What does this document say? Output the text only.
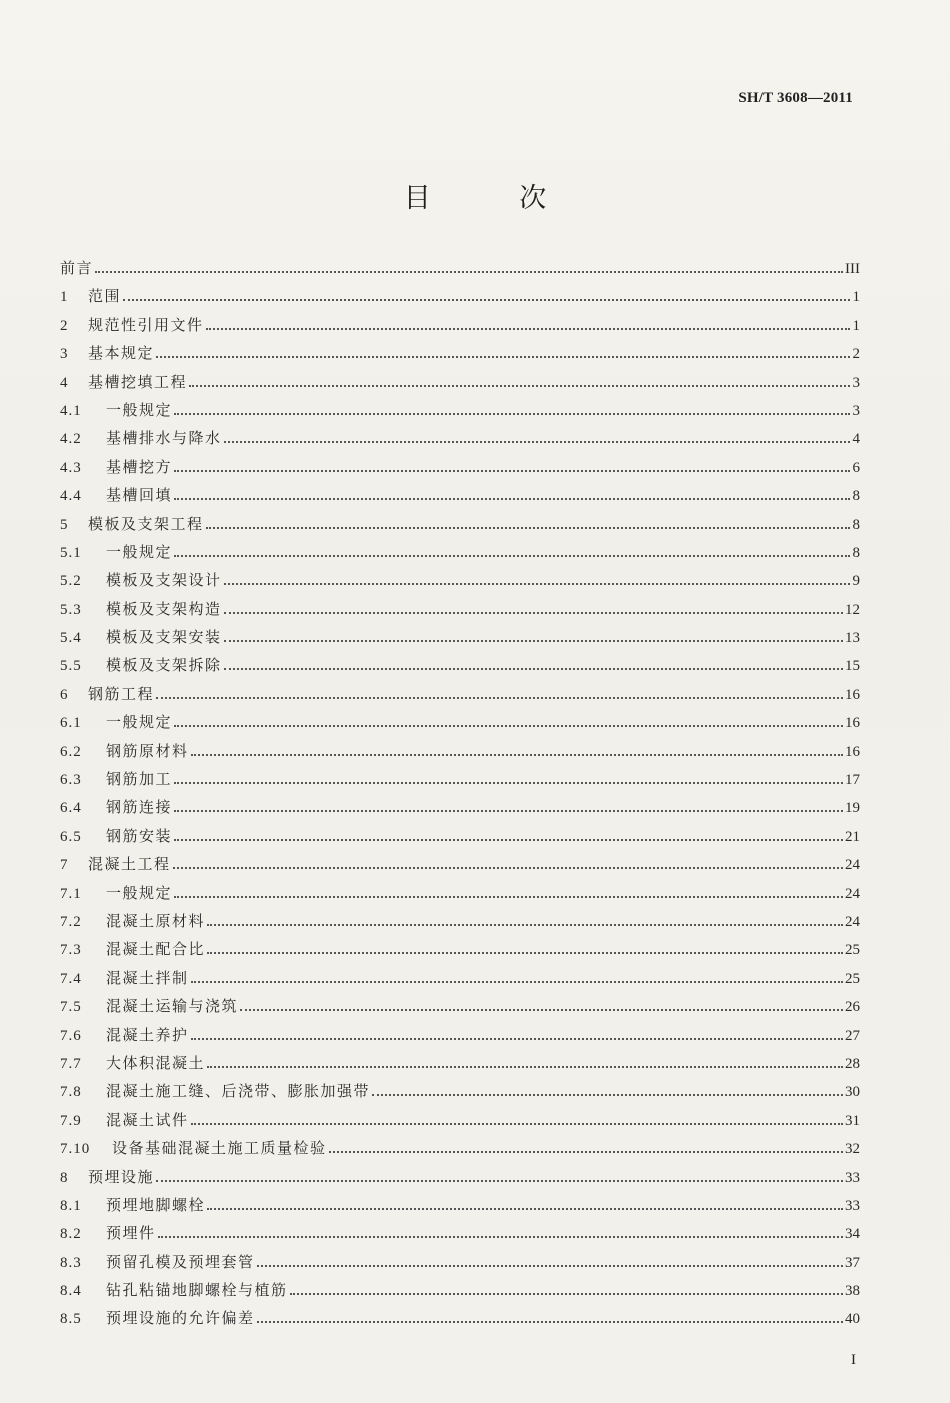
SH/T 3608—2011
目 次
前言	III
1	范围	1
2	规范性引用文件	1
3	基本规定	2
4	基槽挖填工程	3
4.1	一般规定	3
4.2	基槽排水与降水	4
4.3	基槽挖方	6
4.4	基槽回填	8
5	模板及支架工程	8
5.1	一般规定	8
5.2	模板及支架设计	9
5.3	模板及支架构造	12
5.4	模板及支架安装	13
5.5	模板及支架拆除	15
6	钢筋工程	16
6.1	一般规定	16
6.2	钢筋原材料	16
6.3	钢筋加工	17
6.4	钢筋连接	19
6.5	钢筋安装	21
7	混凝土工程	24
7.1	一般规定	24
7.2	混凝土原材料	24
7.3	混凝土配合比	25
7.4	混凝土拌制	25
7.5	混凝土运输与浇筑	26
7.6	混凝土养护	27
7.7	大体积混凝土	28
7.8	混凝土施工缝、后浇带、膨胀加强带	30
7.9	混凝土试件	31
7.10	设备基础混凝土施工质量检验	32
8	预埋设施	33
8.1	预埋地脚螺栓	33
8.2	预埋件	34
8.3	预留孔模及预埋套管	37
8.4	钻孔粘锚地脚螺栓与植筋	38
8.5	预埋设施的允许偏差	40
I
